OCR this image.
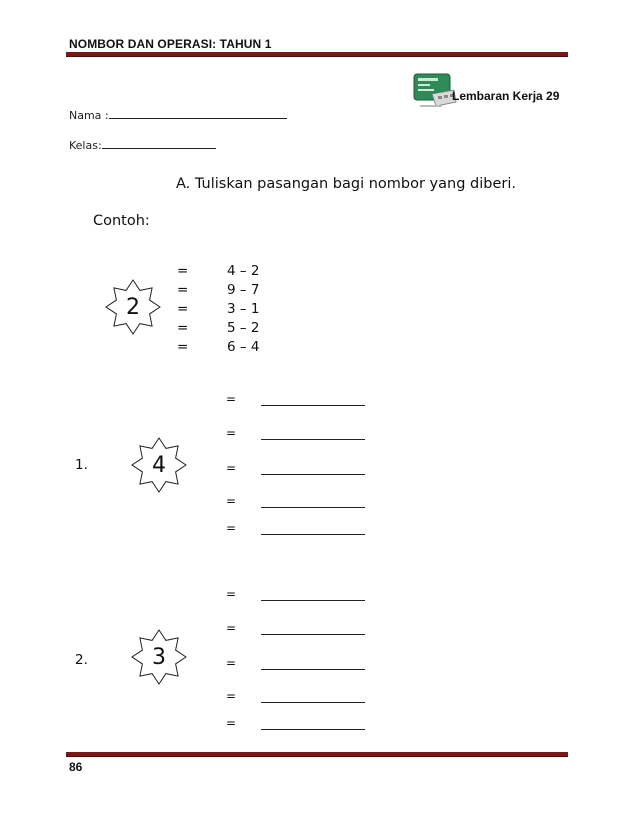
NOMBOR DAN OPERASI: TAHUN 1
Lembaran Kerja 29
Nama :
Kelas:
A. Tuliskan pasangan bagi nombor yang diberi.
Contoh:
2
=	4 – 2
=	9 – 7
=	3 – 1
=	5 – 2
=	6 – 4
1.	4
=
=
=
=
=
2.	3
=
=
=
=
=
86
